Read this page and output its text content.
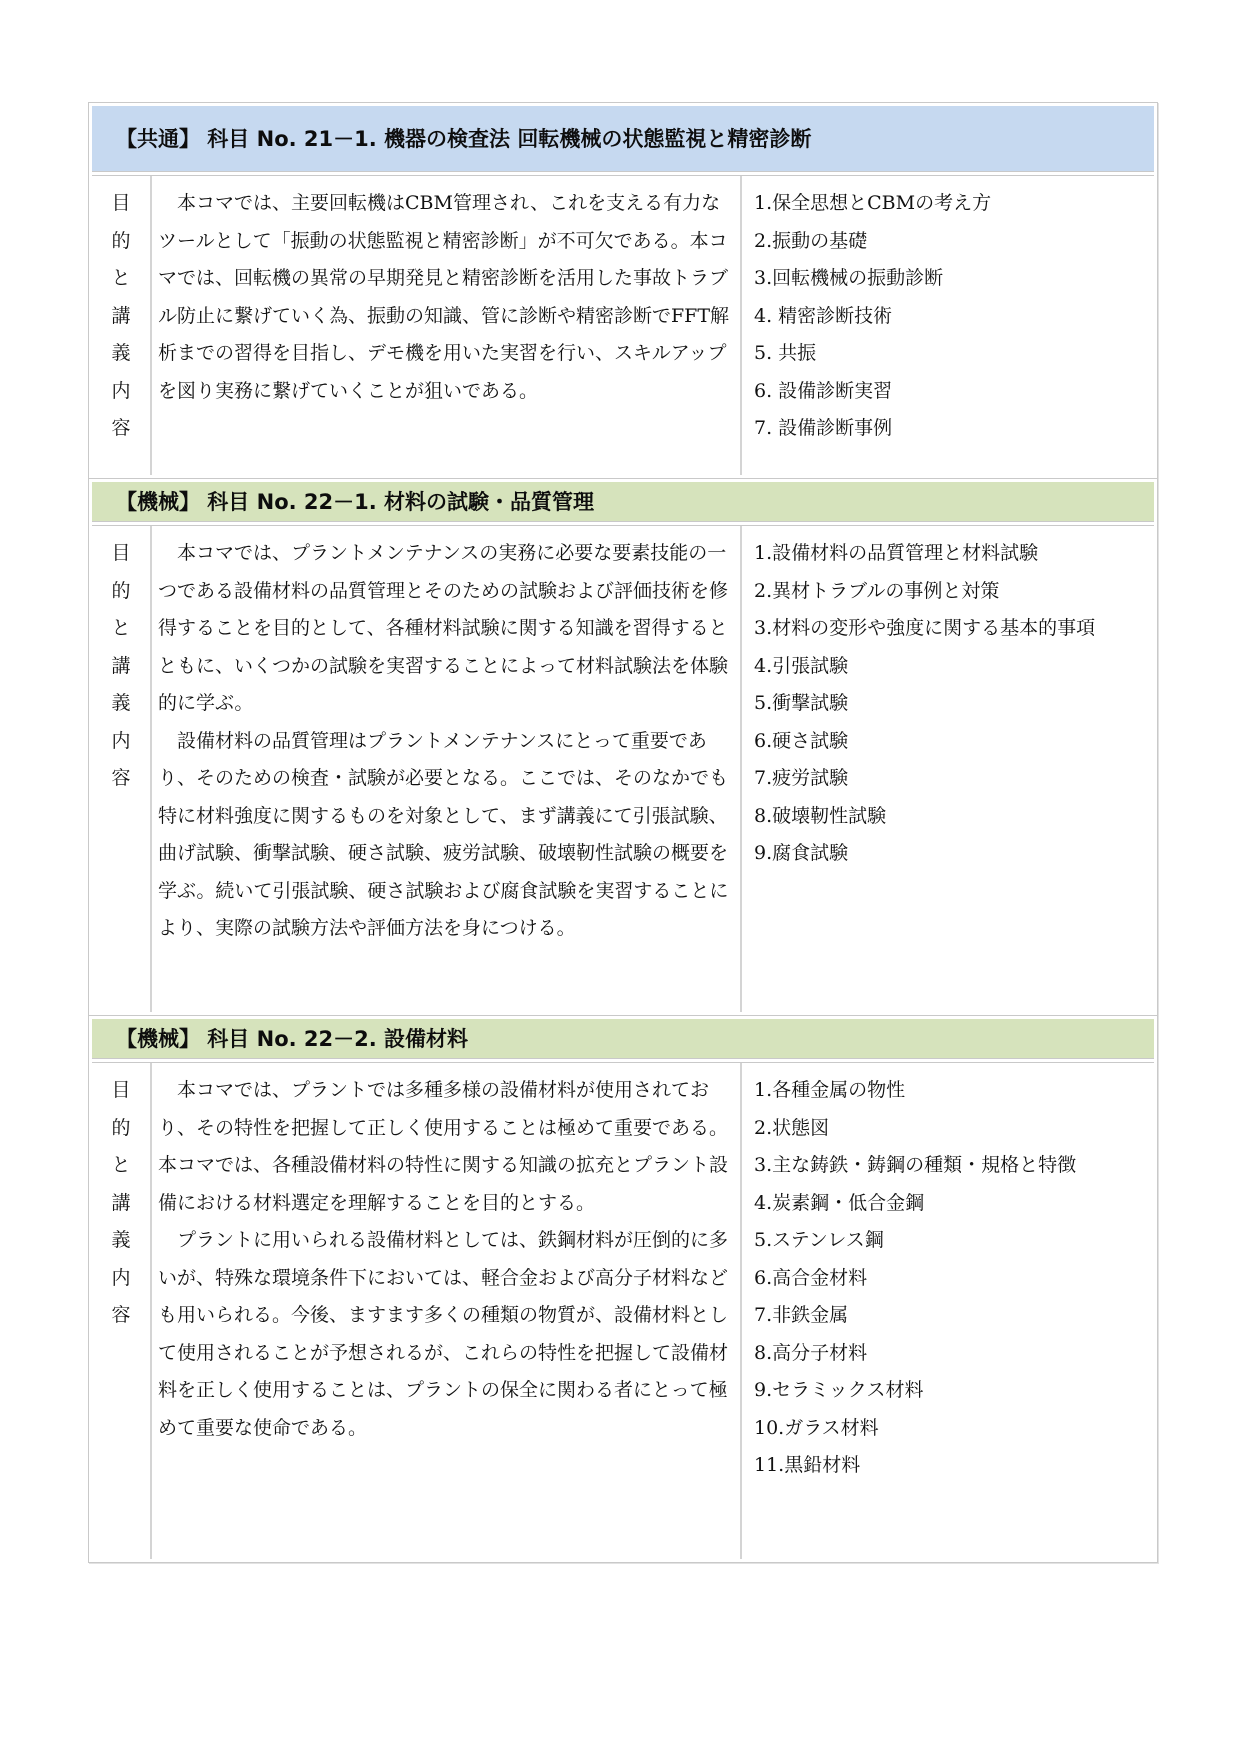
【共通】 科目 No. 21－1. 機器の検査法 回転機械の状態監視と精密診断
目
的
と
講
義
内
容

本コマでは、主要回転機はCBM管理され、これを支える有力なツールとして「振動の状態監視と精密診断」が不可欠である。本コマでは、回転機の異常の早期発見と精密診断を活用した事故トラブル防止に繋げていく為、振動の知識、管に診断や精密診断でFFT解析までの習得を目指し、デモ機を用いた実習を行い、スキルアップを図り実務に繋げていくことが狙いである。

1.保全思想とCBMの考え方
2.振動の基礎
3.回転機械の振動診断
4. 精密診断技術
5. 共振
6. 設備診断実習
7. 設備診断事例
【機械】 科目 No. 22－1. 材料の試験・品質管理
目
的
と
講
義
内
容

本コマでは、プラントメンテナンスの実務に必要な要素技能の一つである設備材料の品質管理とそのための試験および評価技術を修得することを目的として、各種材料試験に関する知識を習得するとともに、いくつかの試験を実習することによって材料試験法を体験的に学ぶ。

設備材料の品質管理はプラントメンテナンスにとって重要であり、そのための検査・試験が必要となる。ここでは、そのなかでも特に材料強度に関するものを対象として、まず講義にて引張試験、曲げ試験、衝撃試験、硬さ試験、疲労試験、破壊靭性試験の概要を学ぶ。続いて引張試験、硬さ試験および腐食試験を実習することにより、実際の試験方法や評価方法を身につける。

1.設備材料の品質管理と材料試験
2.異材トラブルの事例と対策
3.材料の変形や強度に関する基本的事項
4.引張試験
5.衝撃試験
6.硬さ試験
7.疲労試験
8.破壊靭性試験
9.腐食試験
【機械】 科目 No. 22－2. 設備材料
目
的
と
講
義
内
容

本コマでは、プラントでは多種多様の設備材料が使用されており、その特性を把握して正しく使用することは極めて重要である。本コマでは、各種設備材料の特性に関する知識の拡充とプラント設備における材料選定を理解することを目的とする。

プラントに用いられる設備材料としては、鉄鋼材料が圧倒的に多いが、特殊な環境条件下においては、軽合金および高分子材料なども用いられる。今後、ますます多くの種類の物質が、設備材料として使用されることが予想されるが、これらの特性を把握して設備材料を正しく使用することは、プラントの保全に関わる者にとって極めて重要な使命である。

1.各種金属の物性
2.状態図
3.主な鋳鉄・鋳鋼の種類・規格と特徴
4.炭素鋼・低合金鋼
5.ステンレス鋼
6.高合金材料
7.非鉄金属
8.高分子材料
9.セラミックス材料
10.ガラス材料
11.黒鉛材料
